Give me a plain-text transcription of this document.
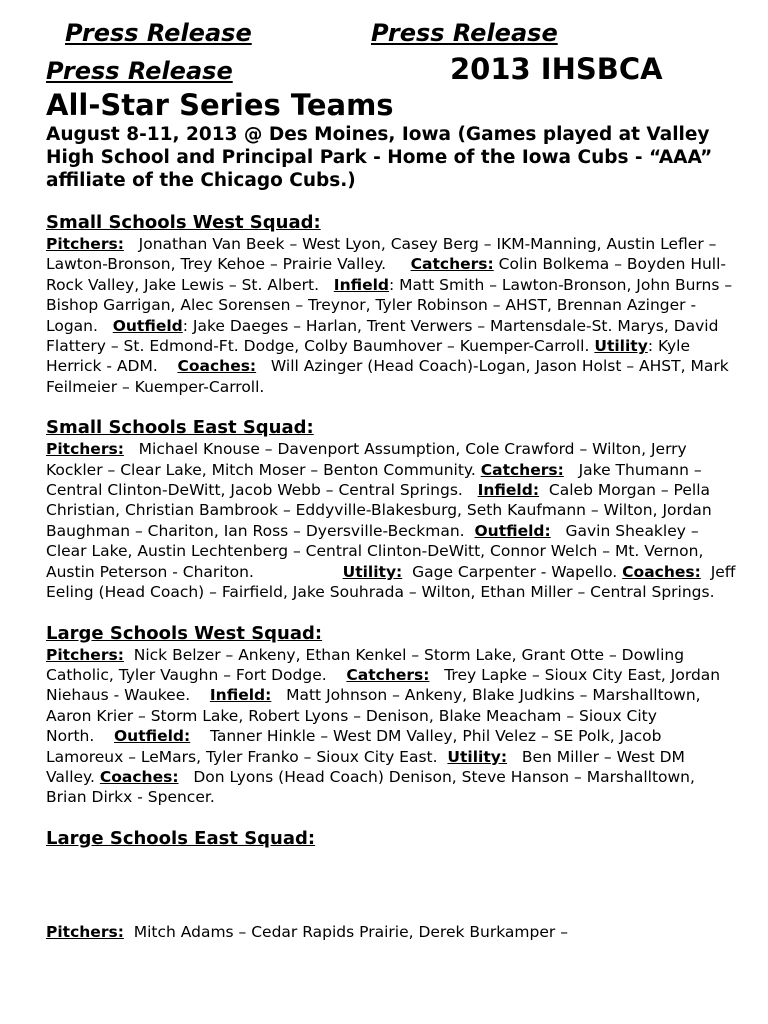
Press Release	Press Release
Press Release	2013 IHSBCA
All-Star Series Teams
August 8-11, 2013 @ Des Moines, Iowa (Games played at Valley High School and Principal Park - Home of the Iowa Cubs - “AAA” affiliate of the Chicago Cubs.)
Small Schools West Squad:
Pitchers: Jonathan Van Beek – West Lyon, Casey Berg – IKM-Manning, Austin Lefler – Lawton-Bronson, Trey Kehoe – Prairie Valley. Catchers: Colin Bolkema – Boyden Hull-Rock Valley, Jake Lewis – St. Albert. Infield: Matt Smith – Lawton-Bronson, John Burns – Bishop Garrigan, Alec Sorensen – Treynor, Tyler Robinson – AHST, Brennan Azinger - Logan. Outfield: Jake Daeges – Harlan, Trent Verwers – Martensdale-St. Marys, David Flattery – St. Edmond-Ft. Dodge, Colby Baumhover – Kuemper-Carroll. Utility: Kyle Herrick - ADM. Coaches: Will Azinger (Head Coach)-Logan, Jason Holst – AHST, Mark Feilmeier – Kuemper-Carroll.
Small Schools East Squad:
Pitchers: Michael Knouse – Davenport Assumption, Cole Crawford – Wilton, Jerry Kockler – Clear Lake, Mitch Moser – Benton Community. Catchers: Jake Thumann – Central Clinton-DeWitt, Jacob Webb – Central Springs. Infield: Caleb Morgan – Pella Christian, Christian Bambrook – Eddyville-Blakesburg, Seth Kaufmann – Wilton, Jordan Baughman – Chariton, Ian Ross – Dyersville-Beckman. Outfield: Gavin Sheakley – Clear Lake, Austin Lechtenberg – Central Clinton-DeWitt, Connor Welch – Mt. Vernon, Austin Peterson - Chariton.	Utility: Gage Carpenter - Wapello. Coaches: Jeff Eeling (Head Coach) – Fairfield, Jake Souhrada – Wilton, Ethan Miller – Central Springs.
Large Schools West Squad:
Pitchers: Nick Belzer – Ankeny, Ethan Kenkel – Storm Lake, Grant Otte – Dowling Catholic, Tyler Vaughn – Fort Dodge. Catchers: Trey Lapke – Sioux City East, Jordan Niehaus - Waukee. Infield: Matt Johnson – Ankeny, Blake Judkins – Marshalltown, Aaron Krier – Storm Lake, Robert Lyons – Denison, Blake Meacham – Sioux City North. Outfield: Tanner Hinkle – West DM Valley, Phil Velez – SE Polk, Jacob Lamoreux – LeMars, Tyler Franko – Sioux City East. Utility: Ben Miller – West DM Valley. Coaches: Don Lyons (Head Coach) Denison, Steve Hanson – Marshalltown, Brian Dirkx - Spencer.
Large Schools East Squad:
Pitchers: Mitch Adams – Cedar Rapids Prairie, Derek Burkamper –
